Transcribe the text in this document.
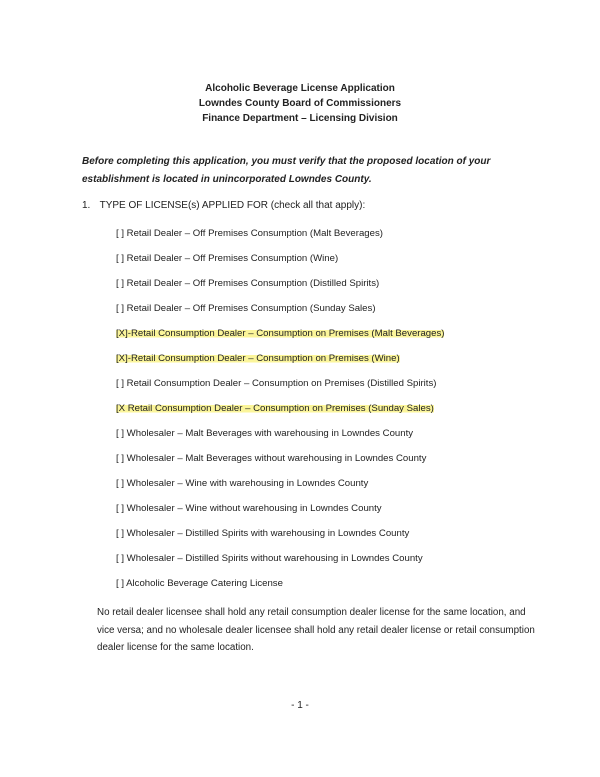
Alcoholic Beverage License Application
Lowndes County Board of Commissioners
Finance Department – Licensing Division
Before completing this application, you must verify that the proposed location of your establishment is located in unincorporated Lowndes County.
1. TYPE OF LICENSE(s) APPLIED FOR (check all that apply):
[ ] Retail Dealer – Off Premises Consumption (Malt Beverages)
[ ] Retail Dealer – Off Premises Consumption (Wine)
[ ] Retail Dealer – Off Premises Consumption (Distilled Spirits)
[ ] Retail Dealer – Off Premises Consumption (Sunday Sales)
[X]-Retail Consumption Dealer – Consumption on Premises (Malt Beverages)
[X]-Retail Consumption Dealer – Consumption on Premises (Wine)
[ ] Retail Consumption Dealer – Consumption on Premises (Distilled Spirits)
[X Retail Consumption Dealer – Consumption on Premises (Sunday Sales)
[ ] Wholesaler – Malt Beverages with warehousing in Lowndes County
[ ] Wholesaler – Malt Beverages without warehousing in Lowndes County
[ ] Wholesaler – Wine with warehousing in Lowndes County
[ ] Wholesaler – Wine without warehousing in Lowndes County
[ ] Wholesaler – Distilled Spirits with warehousing in Lowndes County
[ ] Wholesaler – Distilled Spirits without warehousing in Lowndes County
[ ] Alcoholic Beverage Catering License
No retail dealer licensee shall hold any retail consumption dealer license for the same location, and vice versa; and no wholesale dealer licensee shall hold any retail dealer license or retail consumption dealer license for the same location.
- 1 -
